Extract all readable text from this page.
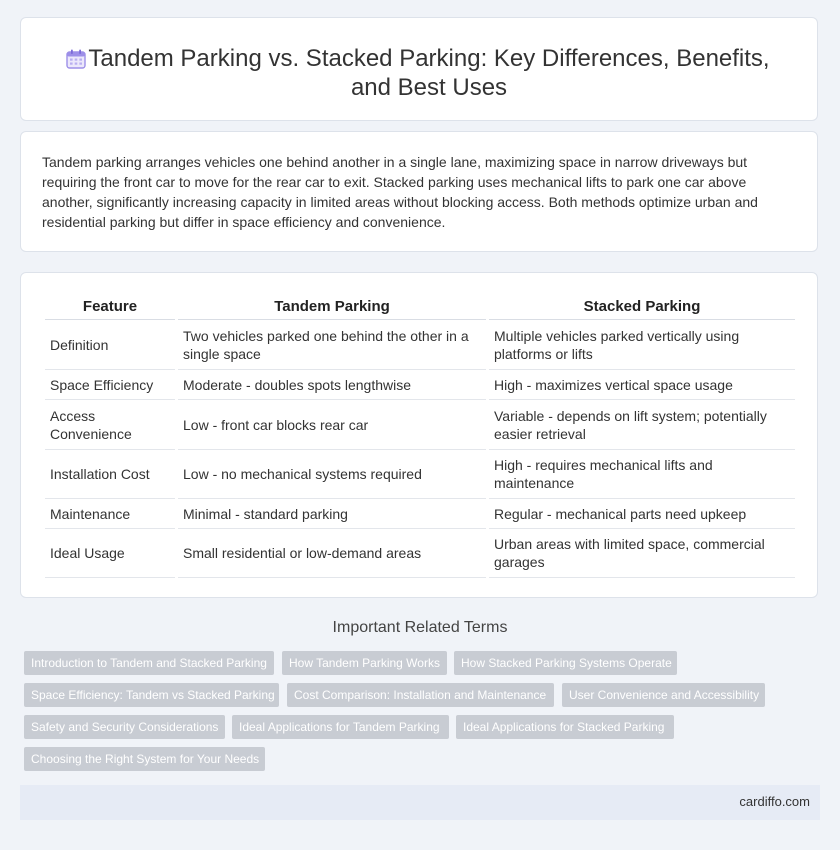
Tandem Parking vs. Stacked Parking: Key Differences, Benefits, and Best Uses

Tandem parking arranges vehicles one behind another in a single lane, maximizing space in narrow driveways but requiring the front car to move for the rear car to exit. Stacked parking uses mechanical lifts to park one car above another, significantly increasing capacity in limited areas without blocking access. Both methods optimize urban and residential parking but differ in space efficiency and convenience.

Feature	Tandem Parking	Stacked Parking
Definition	Two vehicles parked one behind the other in a single space	Multiple vehicles parked vertically using platforms or lifts
Space Efficiency	Moderate - doubles spots lengthwise	High - maximizes vertical space usage
Access Convenience	Low - front car blocks rear car	Variable - depends on lift system; potentially easier retrieval
Installation Cost	Low - no mechanical systems required	High - requires mechanical lifts and maintenance
Maintenance	Minimal - standard parking	Regular - mechanical parts need upkeep
Ideal Usage	Small residential or low-demand areas	Urban areas with limited space, commercial garages
Important Related Terms
Introduction to Tandem and Stacked Parking	How Tandem Parking Works	How Stacked Parking Systems Operate
Space Efficiency: Tandem vs Stacked Parking	Cost Comparison: Installation and Maintenance	User Convenience and Accessibility
Safety and Security Considerations	Ideal Applications for Tandem Parking	Ideal Applications for Stacked Parking
Choosing the Right System for Your Needs
cardiffo.com
